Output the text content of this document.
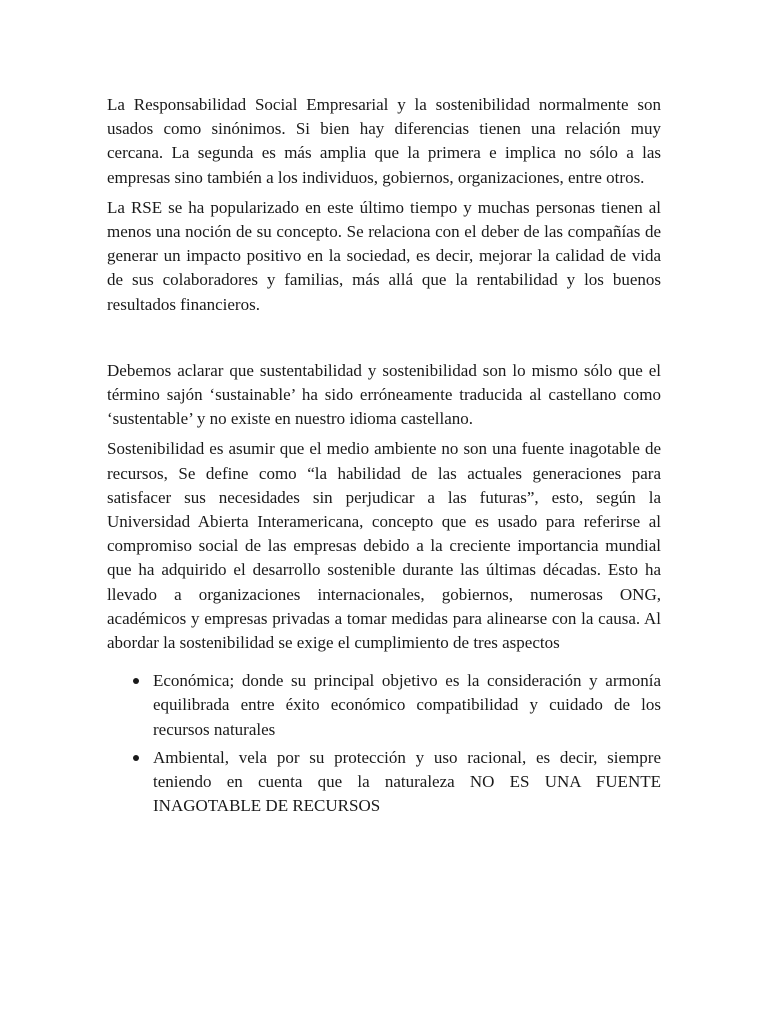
La Responsabilidad Social Empresarial y la sostenibilidad normalmente son usados como sinónimos. Si bien hay diferencias tienen una relación muy cercana. La segunda es más amplia que la primera e implica no sólo a las empresas sino también a los individuos, gobiernos, organizaciones, entre otros.

La RSE se ha popularizado en este último tiempo y muchas personas tienen al menos una noción de su concepto. Se relaciona con el deber de las compañías de generar un impacto positivo en la sociedad, es decir, mejorar la calidad de vida de sus colaboradores y familias, más allá que la rentabilidad y los buenos resultados financieros.

Debemos aclarar que sustentabilidad y sostenibilidad son lo mismo sólo que el término sajón ‘sustainable’ ha sido erróneamente traducida al castellano como ‘sustentable’ y no existe en nuestro idioma castellano.

Sostenibilidad es asumir que el medio ambiente no son una fuente inagotable de recursos, Se define como “la habilidad de las actuales generaciones para satisfacer sus necesidades sin perjudicar a las futuras”, esto, según la Universidad Abierta Interamericana, concepto que es usado para referirse al compromiso social de las empresas debido a la creciente importancia mundial que ha adquirido el desarrollo sostenible durante las últimas décadas. Esto ha llevado a organizaciones internacionales, gobiernos, numerosas ONG, académicos y empresas privadas a tomar medidas para alinearse con la causa. Al abordar la sostenibilidad se exige el cumplimiento de tres aspectos

Económica; donde su principal objetivo es la consideración y armonía equilibrada entre éxito económico compatibilidad y cuidado de los recursos naturales
Ambiental, vela por su protección y uso racional, es decir, siempre teniendo en cuenta que la naturaleza NO ES UNA FUENTE INAGOTABLE DE RECURSOS
